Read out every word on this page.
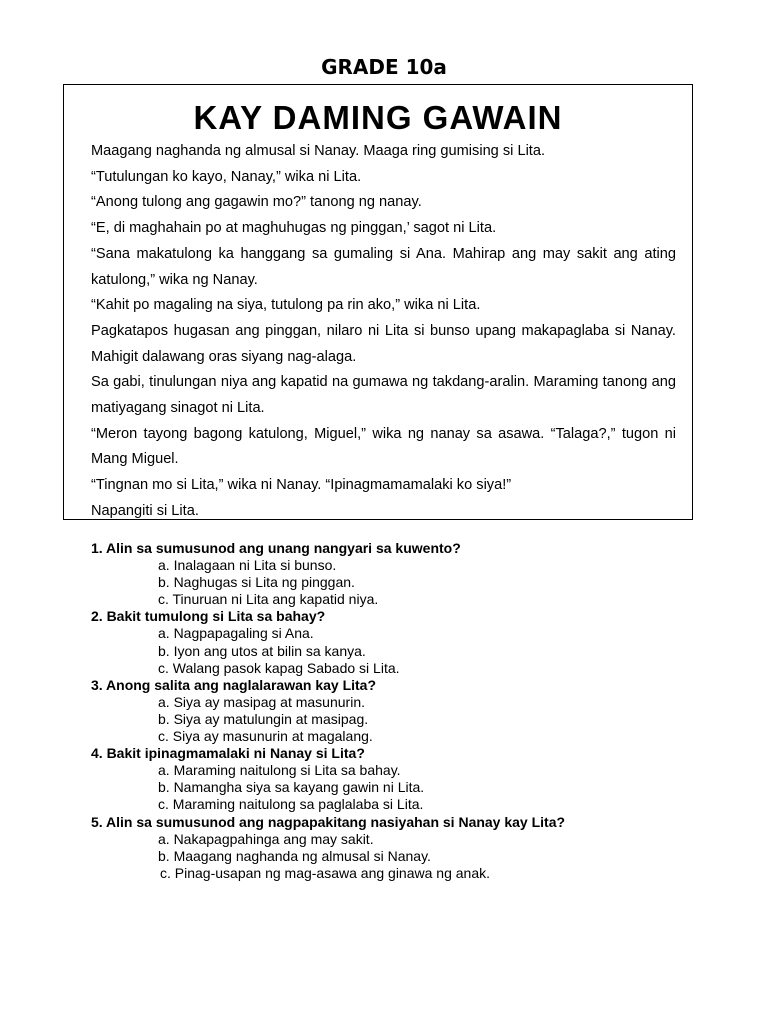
GRADE 10a
KAY DAMING GAWAIN

Maagang naghanda ng almusal si Nanay. Maaga ring gumising si Lita.

“Tutulungan ko kayo, Nanay,” wika ni Lita.

“Anong tulong ang gagawin mo?” tanong ng nanay.

“E, di maghahain po at maghuhugas ng pinggan,’ sagot ni Lita.

“Sana makatulong ka hanggang sa gumaling si Ana. Mahirap ang may sakit ang ating katulong,” wika ng Nanay.

“Kahit po magaling na siya, tutulong pa rin ako,” wika ni Lita.

Pagkatapos hugasan ang pinggan, nilaro ni Lita si bunso upang makapaglaba si Nanay. Mahigit dalawang oras siyang nag-alaga.

Sa gabi, tinulungan niya ang kapatid na gumawa ng takdang-aralin. Maraming tanong ang matiyagang sinagot ni Lita.

“Meron tayong bagong katulong, Miguel,” wika ng nanay sa asawa. “Talaga?,” tugon ni Mang Miguel.

“Tingnan mo si Lita,” wika ni Nanay. “Ipinagmamamalaki ko siya!”

Napangiti si Lita.

1. Alin sa sumusunod ang unang nangyari sa kuwento?
a. Inalagaan ni Lita si bunso.
b. Naghugas si Lita ng pinggan.
c. Tinuruan ni Lita ang kapatid niya.
2. Bakit tumulong si Lita sa bahay?
a. Nagpapagaling si Ana.
b. Iyon ang utos at bilin sa kanya.
c. Walang pasok kapag Sabado si Lita.
3. Anong salita ang naglalarawan kay Lita?
a. Siya ay masipag at masunurin.
b. Siya ay matulungin at masipag.
c. Siya ay masunurin at magalang.
4. Bakit ipinagmamalaki ni Nanay si Lita?
a. Maraming naitulong si Lita sa bahay.
b. Namangha siya sa kayang gawin ni Lita.
c. Maraming naitulong sa paglalaba si Lita.
5. Alin sa sumusunod ang nagpapakitang nasiyahan si Nanay kay Lita?
a. Nakapagpahinga ang may sakit.
b. Maagang naghanda ng almusal si Nanay.
c. Pinag-usapan ng mag-asawa ang ginawa ng anak.
